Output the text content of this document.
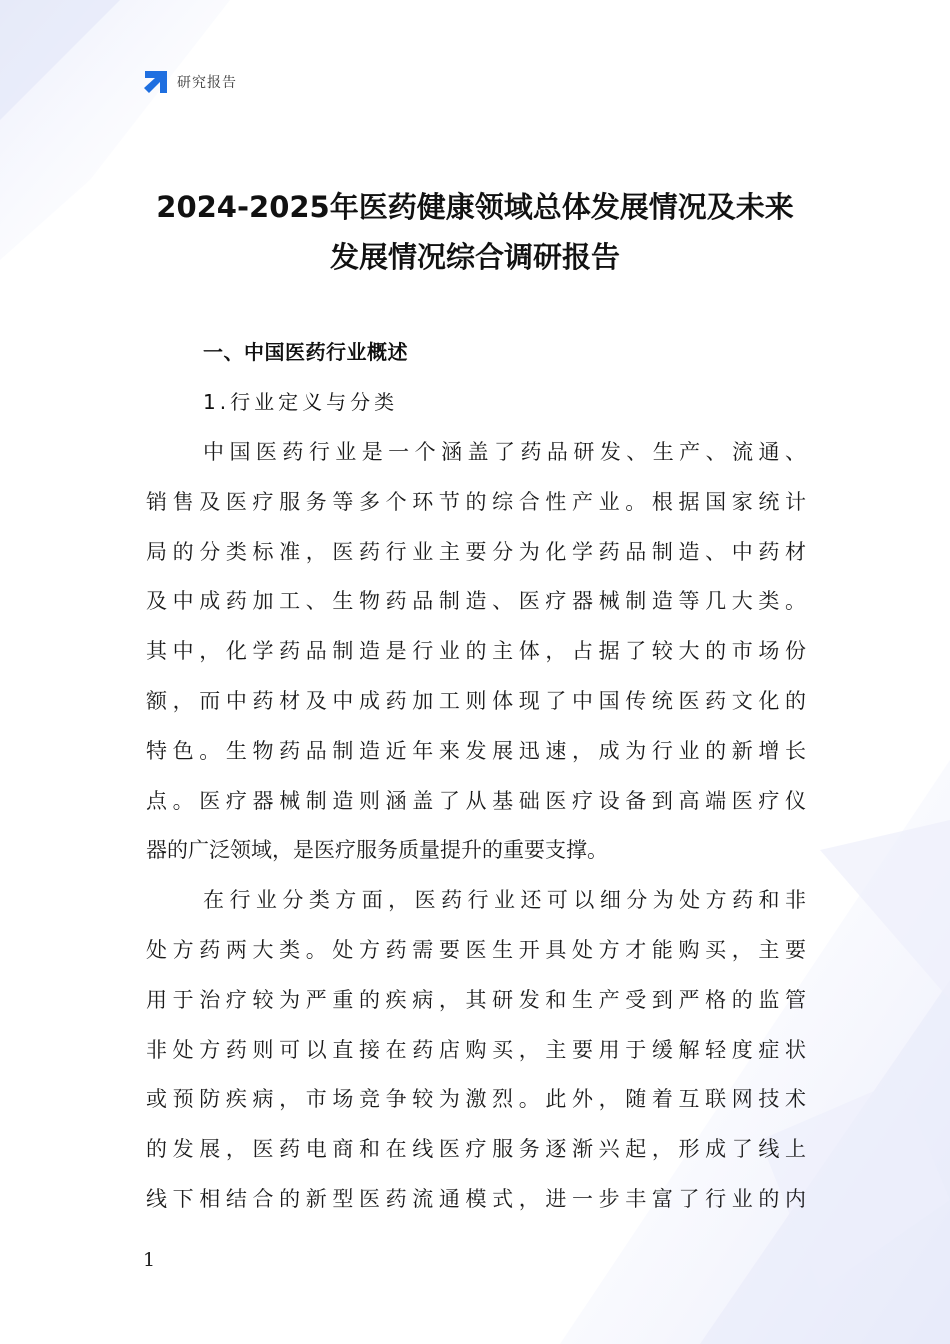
研究报告
2024-2025年医药健康领域总体发展情况及未来
发展情况综合调研报告
一、中国医药行业概述
1.行业定义与分类
中国医药行业是一个涵盖了药品研发、生产、流通、
销售及医疗服务等多个环节的综合性产业。根据国家统计
局的分类标准，医药行业主要分为化学药品制造、中药材
及中成药加工、生物药品制造、医疗器械制造等几大类。
其中，化学药品制造是行业的主体，占据了较大的市场份
额，而中药材及中成药加工则体现了中国传统医药文化的
特色。生物药品制造近年来发展迅速，成为行业的新增长
点。医疗器械制造则涵盖了从基础医疗设备到高端医疗仪
器的广泛领域，是医疗服务质量提升的重要支撑。
在行业分类方面，医药行业还可以细分为处方药和非
处方药两大类。处方药需要医生开具处方才能购买，主要
用于治疗较为严重的疾病，其研发和生产受到严格的监管
非处方药则可以直接在药店购买，主要用于缓解轻度症状
或预防疾病，市场竞争较为激烈。此外，随着互联网技术
的发展，医药电商和在线医疗服务逐渐兴起，形成了线上
线下相结合的新型医药流通模式，进一步丰富了行业的内
1
